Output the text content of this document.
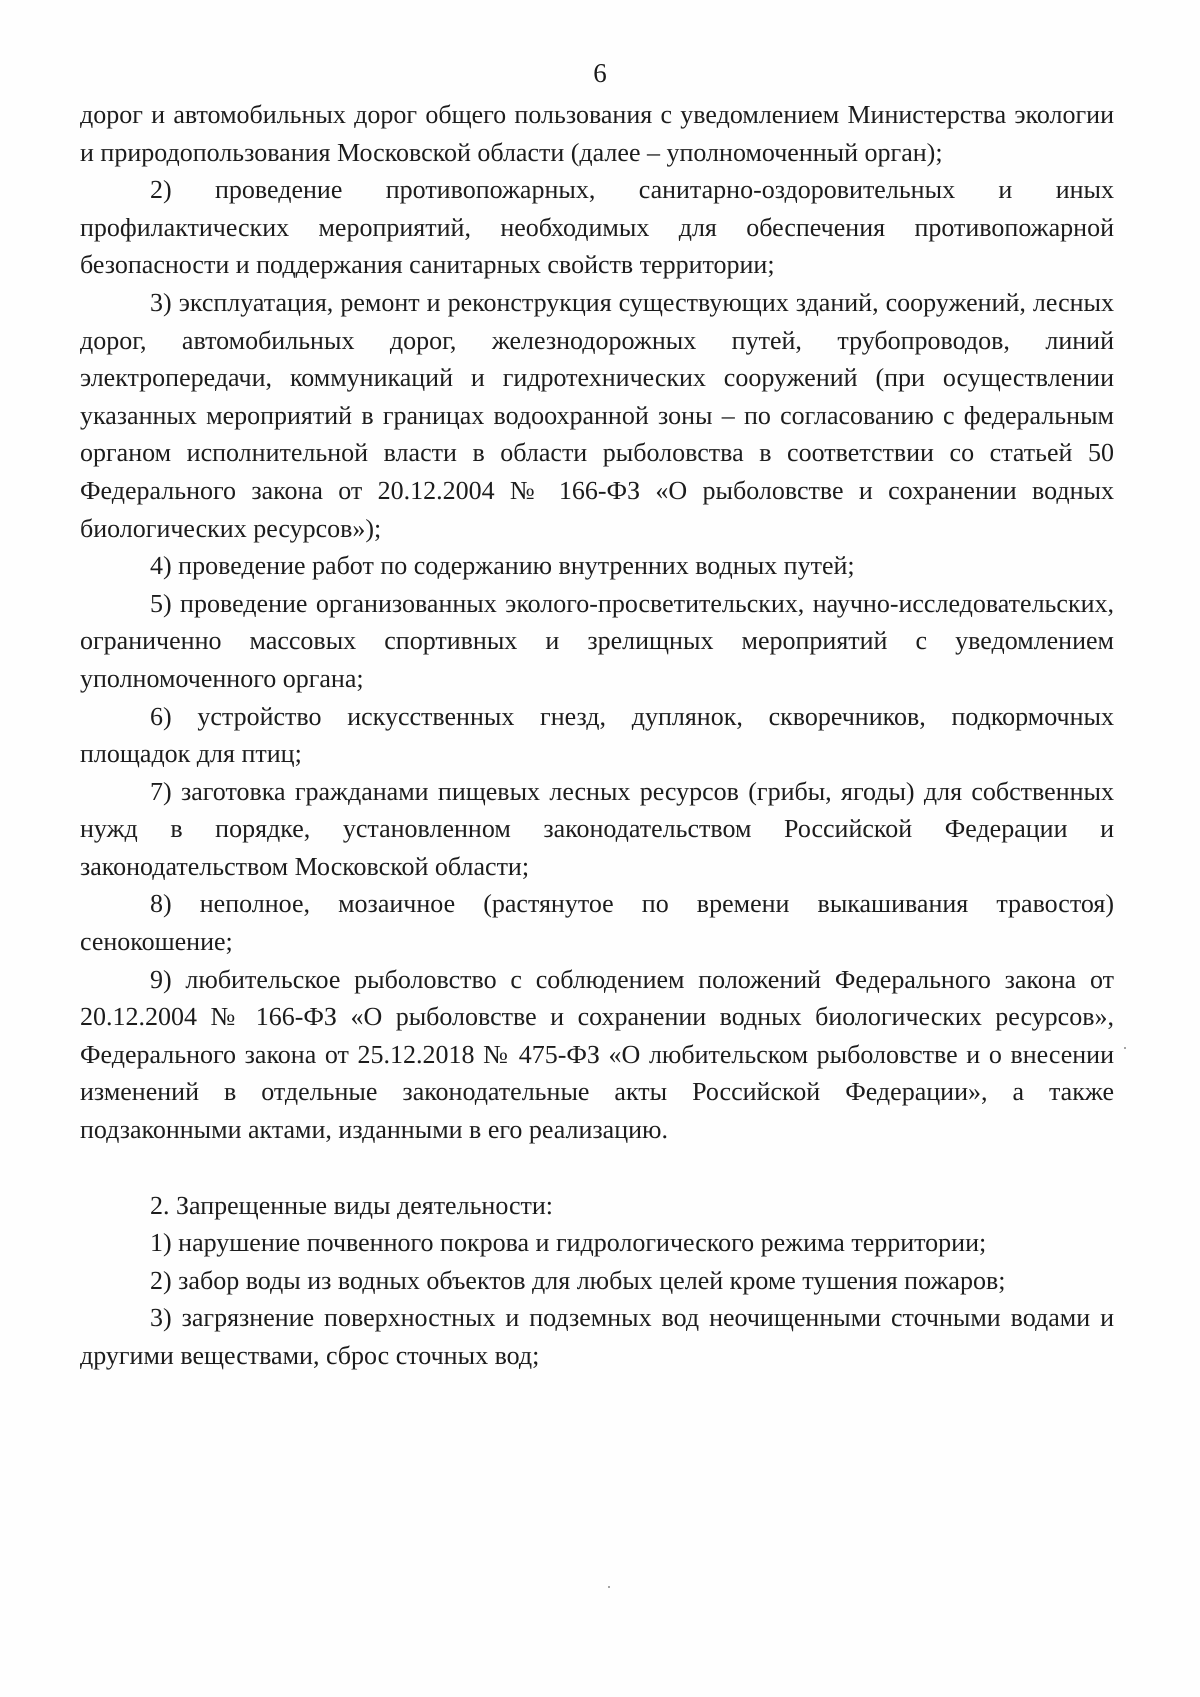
6

дорог и автомобильных дорог общего пользования с уведомлением Министерства экологии и природопользования Московской области (далее – уполномоченный орган);

2) проведение противопожарных, санитарно-оздоровительных и иных профилактических мероприятий, необходимых для обеспечения противопожарной безопасности и поддержания санитарных свойств территории;

3) эксплуатация, ремонт и реконструкция существующих зданий, сооружений, лесных дорог, автомобильных дорог, железнодорожных путей, трубопроводов, линий электропередачи, коммуникаций и гидротехнических сооружений (при осуществлении указанных мероприятий в границах водоохранной зоны – по согласованию с федеральным органом исполнительной власти в области рыболовства в соответствии со статьей 50 Федерального закона от 20.12.2004 № 166-ФЗ «О рыболовстве и сохранении водных биологических ресурсов»);

4) проведение работ по содержанию внутренних водных путей;

5) проведение организованных эколого-просветительских, научно-исследовательских, ограниченно массовых спортивных и зрелищных мероприятий с уведомлением уполномоченного органа;

6) устройство искусственных гнезд, дуплянок, скворечников, подкормочных площадок для птиц;

7) заготовка гражданами пищевых лесных ресурсов (грибы, ягоды) для собственных нужд в порядке, установленном законодательством Российской Федерации и законодательством Московской области;

8) неполное, мозаичное (растянутое по времени выкашивания травостоя) сенокошение;

9) любительское рыболовство с соблюдением положений Федерального закона от 20.12.2004 № 166-ФЗ «О рыболовстве и сохранении водных биологических ресурсов», Федерального закона от 25.12.2018 № 475-ФЗ «О любительском рыболовстве и о внесении изменений в отдельные законодательные акты Российской Федерации», а также подзаконными актами, изданными в его реализацию.

2. Запрещенные виды деятельности:

1) нарушение почвенного покрова и гидрологического режима территории;

2) забор воды из водных объектов для любых целей кроме тушения пожаров;

3) загрязнение поверхностных и подземных вод неочищенными сточными водами и другими веществами, сброс сточных вод;
